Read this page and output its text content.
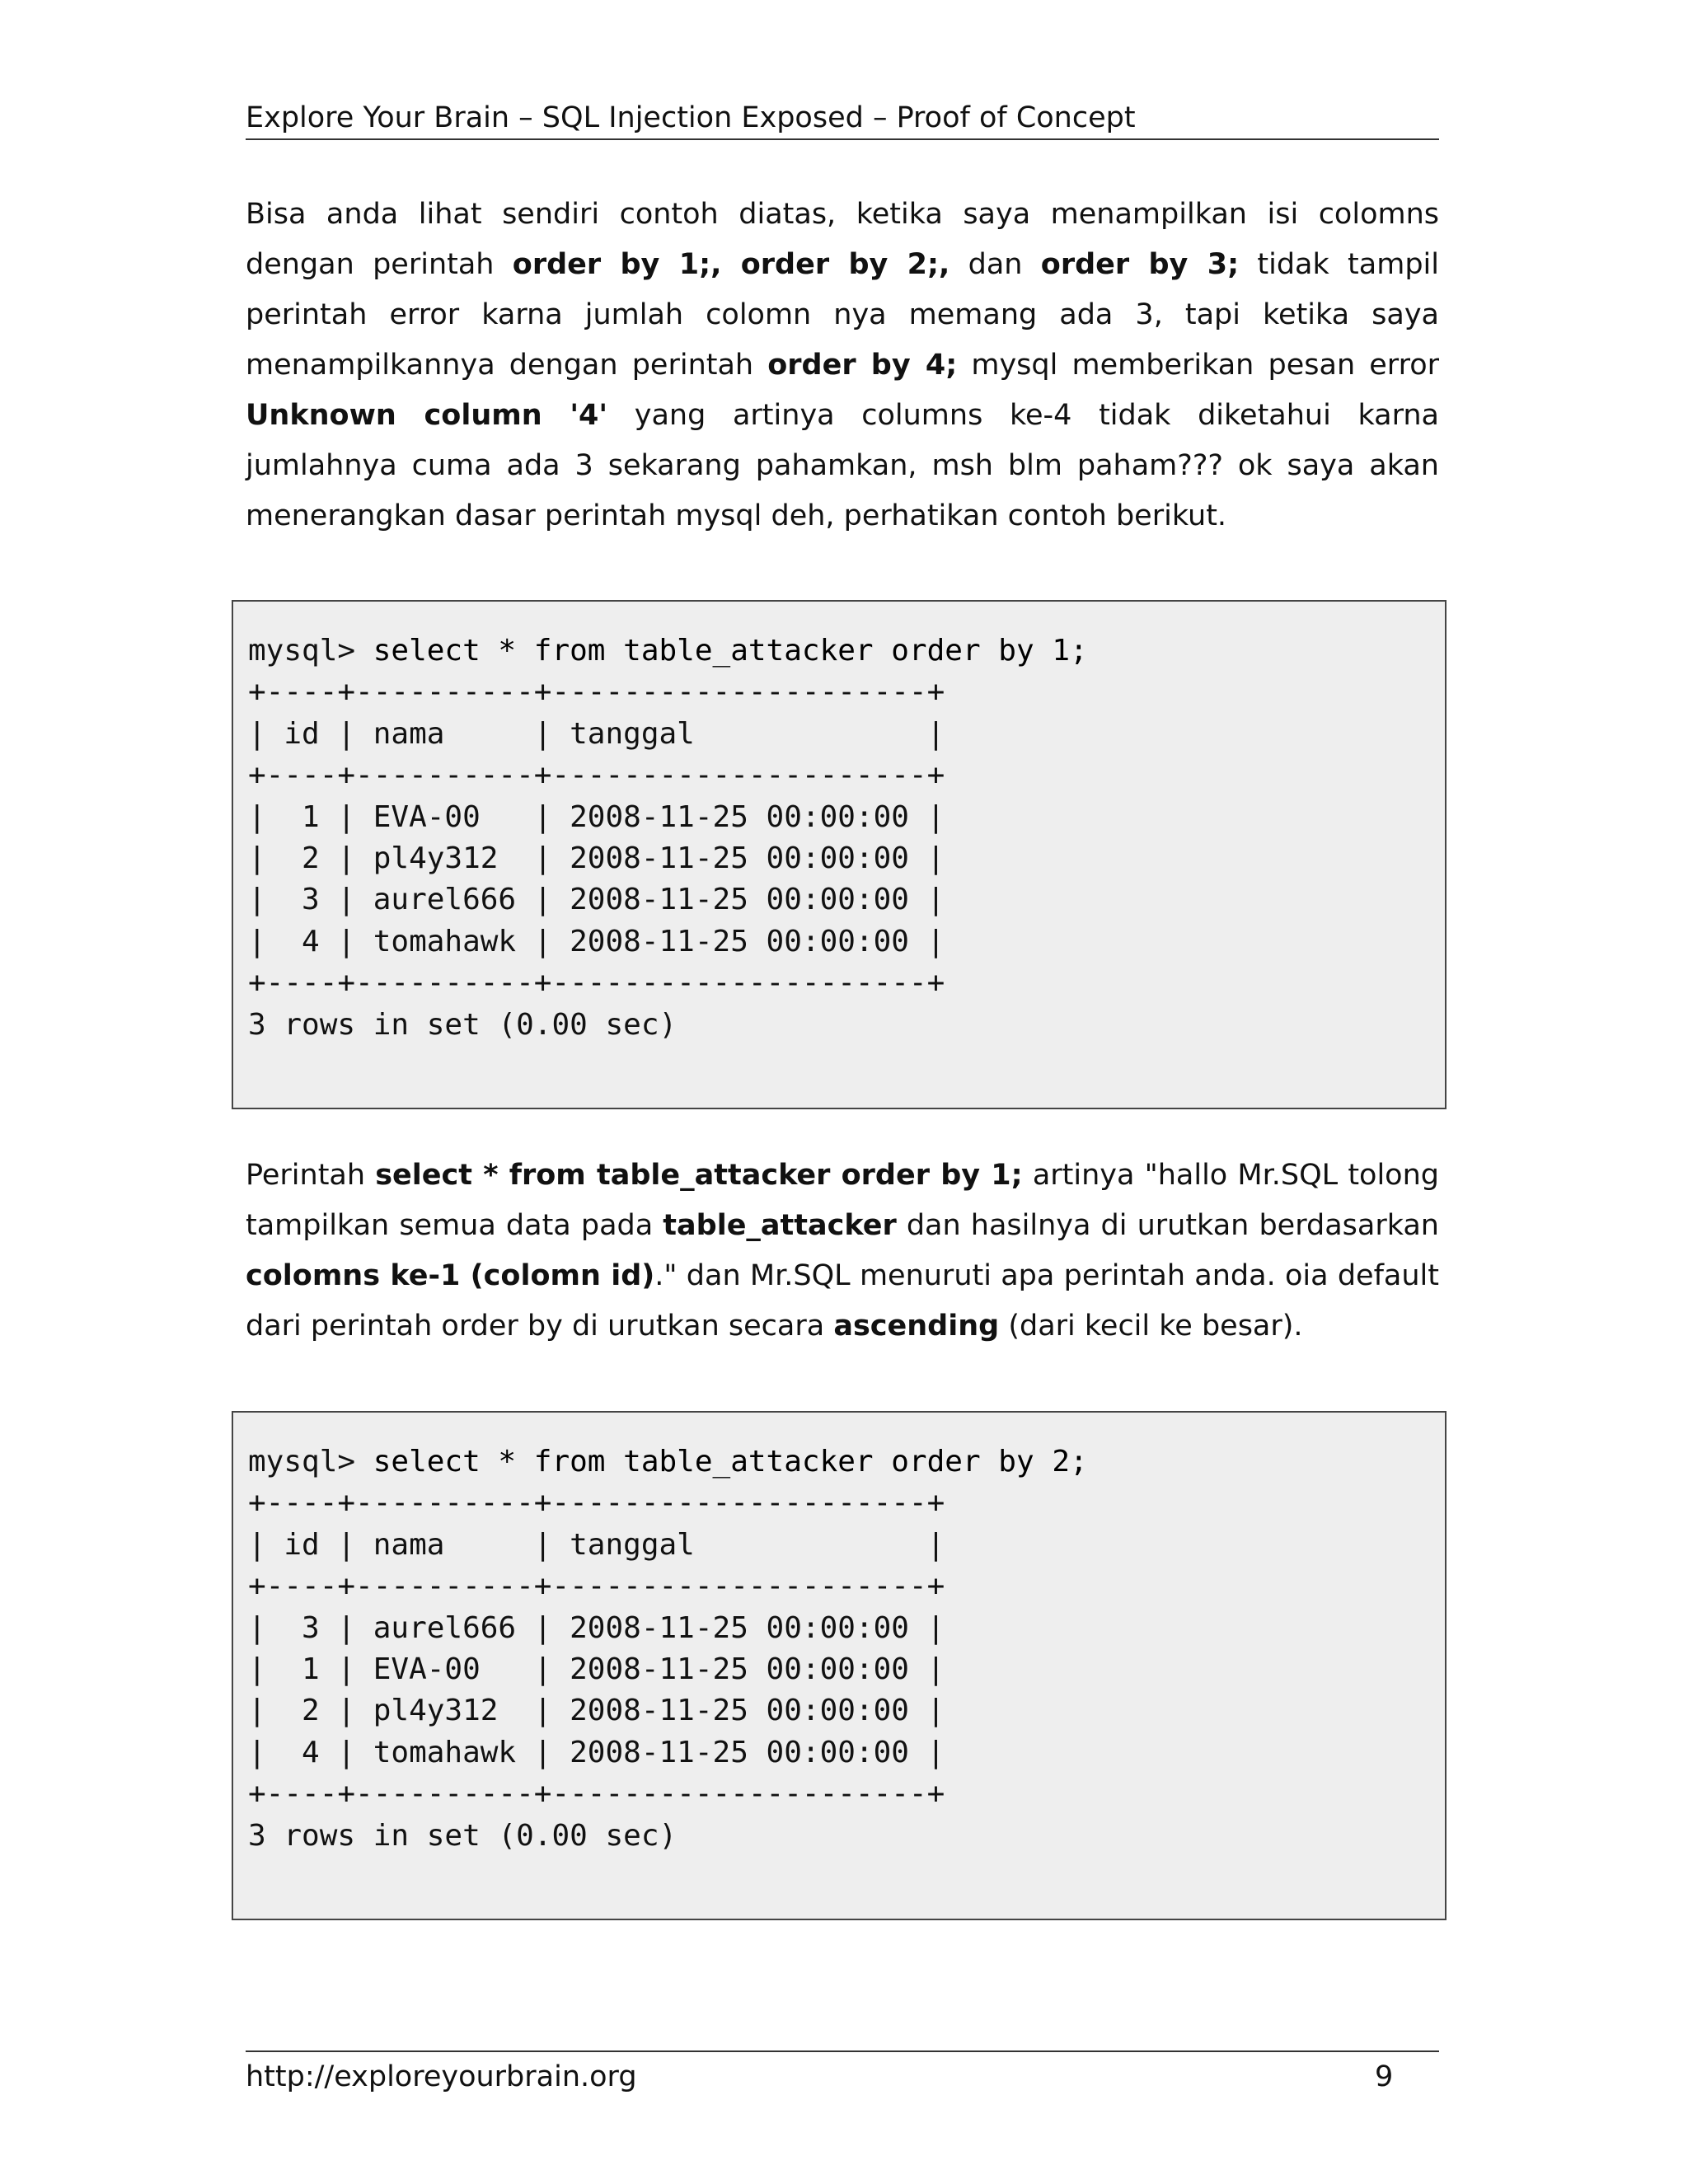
Explore Your Brain – SQL Injection Exposed – Proof of Concept

Bisa anda lihat sendiri contoh diatas, ketika saya menampilkan isi colomns dengan perintah order by 1;, order by 2;, dan order by 3; tidak tampil perintah error karna jumlah colomn nya memang ada 3, tapi ketika saya menampilkannya dengan perintah order by 4; mysql memberikan pesan error Unknown column '4' yang artinya columns ke-4 tidak diketahui karna jumlahnya cuma ada 3 sekarang pahamkan, msh blm paham??? ok saya akan menerangkan dasar perintah mysql deh, perhatikan contoh berikut.

mysql> select * from table_attacker order by 1;
+----+----------+---------------------+
| id | nama     | tanggal             |
+----+----------+---------------------+
|  1 | EVA-00   | 2008-11-25 00:00:00 |
|  2 | pl4y312  | 2008-11-25 00:00:00 |
|  3 | aurel666 | 2008-11-25 00:00:00 |
|  4 | tomahawk | 2008-11-25 00:00:00 |
+----+----------+---------------------+
3 rows in set (0.00 sec)

Perintah select * from table_attacker order by 1; artinya "hallo Mr.SQL tolong tampilkan semua data pada table_attacker dan hasilnya di urutkan berdasarkan colomns ke-1 (colomn id)." dan Mr.SQL menuruti apa perintah anda. oia default dari perintah order by di urutkan secara ascending (dari kecil ke besar).

mysql> select * from table_attacker order by 2;
+----+----------+---------------------+
| id | nama     | tanggal             |
+----+----------+---------------------+
|  3 | aurel666 | 2008-11-25 00:00:00 |
|  1 | EVA-00   | 2008-11-25 00:00:00 |
|  2 | pl4y312  | 2008-11-25 00:00:00 |
|  4 | tomahawk | 2008-11-25 00:00:00 |
+----+----------+---------------------+
3 rows in set (0.00 sec)
http://exploreyourbrain.org	9
